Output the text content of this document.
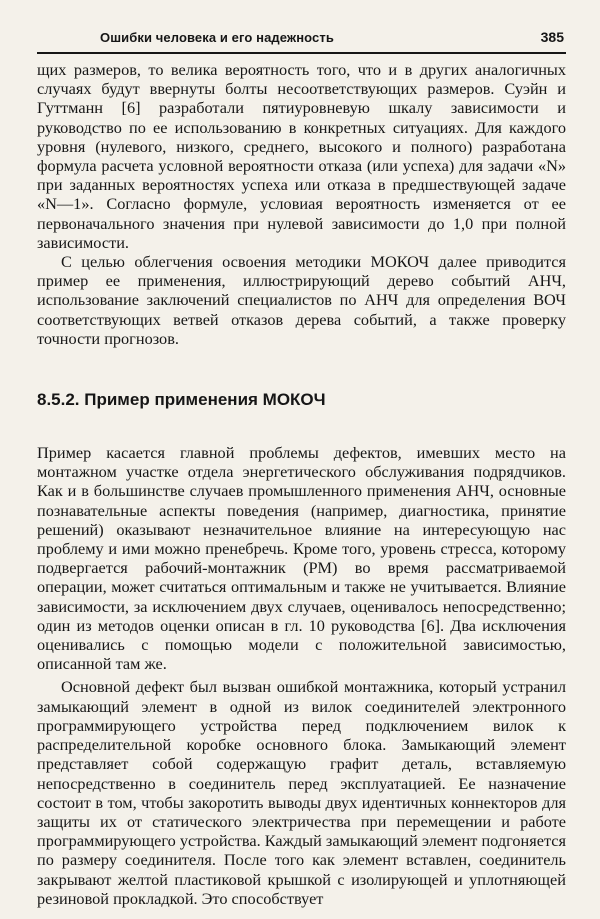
Ошибки человека и его надежность	385

щих размеров, то велика вероятность того, что и в других аналогичных случаях будут ввернуты болты несоответствующих размеров. Суэйн и Гуттманн [6] разработали пятиуровневую шкалу зависимости и руководство по ее использованию в конкретных ситуациях. Для каждого уровня (нулевого, низкого, среднего, высокого и полного) разработана формула расчета условной вероятности отказа (или успеха) для задачи «N» при заданных вероятностях успеха или отказа в предшествующей задаче «N—1». Согласно формуле, условиая вероятность изменяется от ее первоначального значения при нулевой зависимости до 1,0 при полной зависимости.

С целью облегчения освоения методики МОКОЧ далее приводится пример ее применения, иллюстрирующий дерево событий АНЧ, использование заключений специалистов по АНЧ для определения ВОЧ соответствующих ветвей отказов дерева событий, а также проверку точности прогнозов.

8.5.2. Пример применения МОКОЧ

Пример касается главной проблемы дефектов, имевших место на монтажном участке отдела энергетического обслуживания подрядчиков. Как и в большинстве случаев промышленного применения АНЧ, основные познавательные аспекты поведения (например, диагностика, принятие решений) оказывают незначительное влияние на интересующую нас проблему и ими можно пренебречь. Кроме того, уровень стресса, которому подвергается рабочий-монтажник (РМ) во время рассматриваемой операции, может считаться оптимальным и также не учитывается. Влияние зависимости, за исключением двух случаев, оценивалось непосредственно; один из методов оценки описан в гл. 10 руководства [6]. Два исключения оценивались с помощью модели с положительной зависимостью, описанной там же.

Основной дефект был вызван ошибкой монтажника, который устранил замыкающий элемент в одной из вилок соединителей электронного программирующего устройства перед подключением вилок к распределительной коробке основного блока. Замыкающий элемент представляет собой содержащую графит деталь, вставляемую непосредственно в соединитель перед эксплуатацией. Ее назначение состоит в том, чтобы закоротить выводы двух идентичных коннекторов для защиты их от статического электричества при перемещении и работе программирующего устройства. Каждый замыкающий элемент подгоняется по размеру соединителя. После того как элемент вставлен, соединитель закрывают желтой пластиковой крышкой с изолирующей и уплотняющей резиновой прокладкой. Это способствует
